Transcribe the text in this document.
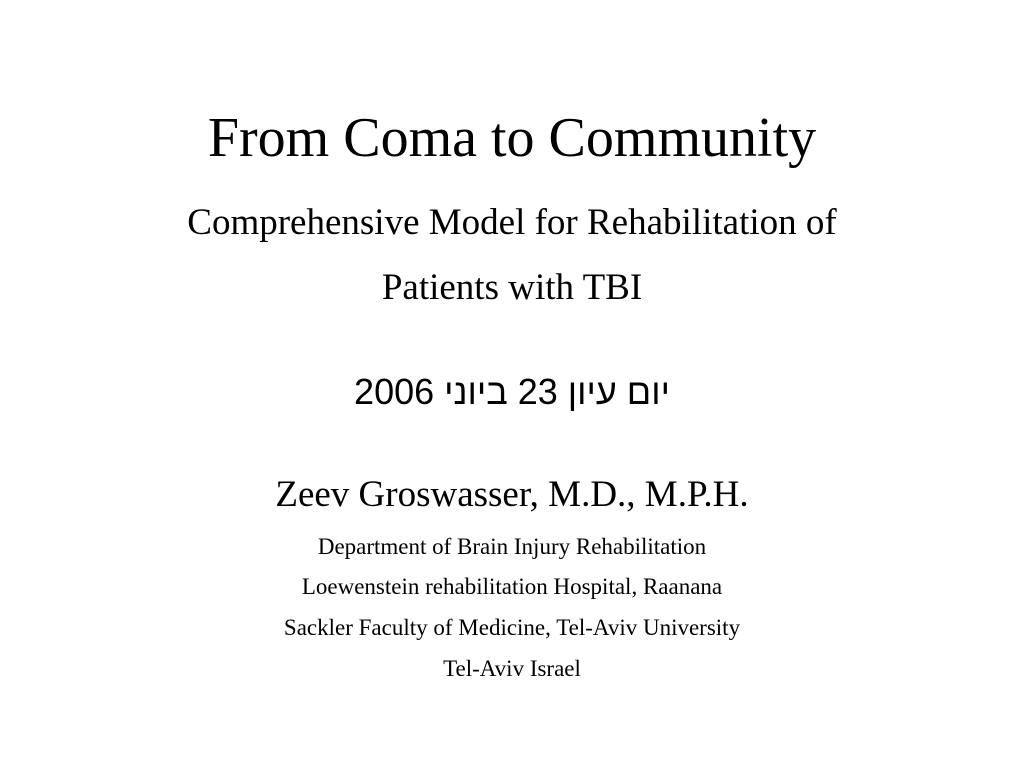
From Coma to Community
Comprehensive Model for Rehabilitation of
Patients with TBI
יום עיון 23 ביוני 2006
Zeev Groswasser, M.D., M.P.H.
Department of Brain Injury Rehabilitation
Loewenstein rehabilitation Hospital, Raanana
Sackler Faculty of Medicine, Tel-Aviv University
Tel-Aviv Israel
